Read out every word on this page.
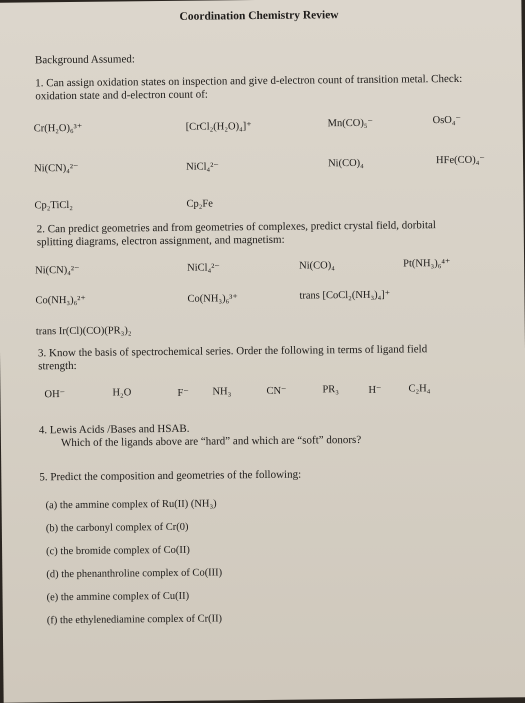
Coordination Chemistry Review
Background Assumed:
1. Can assign oxidation states on inspection and give d-electron count of transition metal. Check:
oxidation state and d-electron count of:
Cr(H₂O)₆³⁺	[CrCl₂(H₂O)₄]⁺	Mn(CO)₅⁻	OsO₄⁻
Ni(CN)₄²⁻	NiCl₄²⁻	Ni(CO)₄	HFe(CO)₄⁻
Cp₂TiCl₂	Cp₂Fe
2. Can predict geometries and from geometries of complexes, predict crystal field, dorbital
splitting diagrams, electron assignment, and magnetism:
Ni(CN)₄²⁻	NiCl₄²⁻	Ni(CO)₄	Pt(NH₃)₆⁴⁺
Co(NH₃)₆²⁺	Co(NH₃)₆³⁺	trans [CoCl₂(NH₃)₄]⁺
trans Ir(Cl)(CO)(PR₃)₂
3. Know the basis of spectrochemical series. Order the following in terms of ligand field
strength:
OH⁻	H₂O	F⁻ NH₃	CN⁻	PR₃	H⁻	C₂H₄
4. Lewis Acids /Bases and HSAB.
Which of the ligands above are “hard” and which are “soft” donors?
5. Predict the composition and geometries of the following:
(a) the ammine complex of Ru(II) (NH₃)
(b) the carbonyl complex of Cr(0)
(c) the bromide complex of Co(II)
(d) the phenanthroline complex of Co(III)
(e) the ammine complex of Cu(II)
(f) the ethylenediamine complex of Cr(II)
